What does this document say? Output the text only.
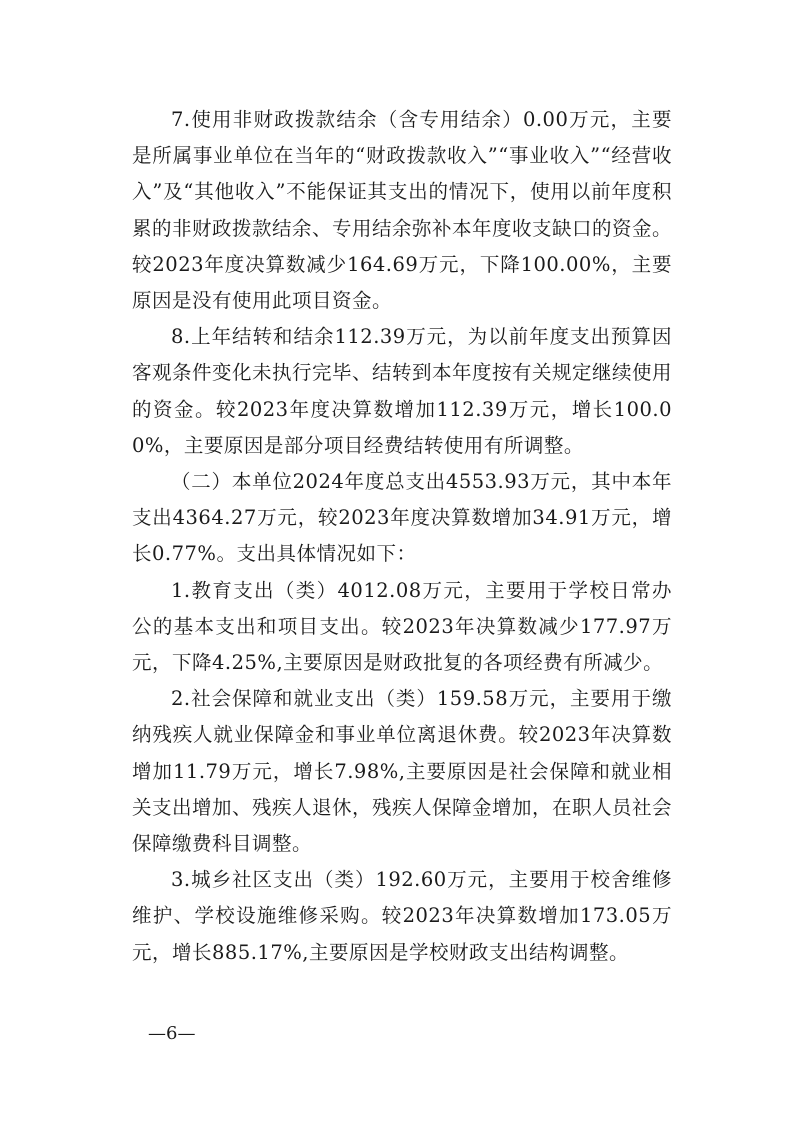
7.使用非财政拨款结余（含专用结余）0.00万元，主要是所属事业单位在当年的“财政拨款收入”“事业收入”“经营收入”及“其他收入”不能保证其支出的情况下，使用以前年度积累的非财政拨款结余、专用结余弥补本年度收支缺口的资金。较2023年度决算数减少164.69万元，下降100.00%，主要原因是没有使用此项目资金。

8.上年结转和结余112.39万元，为以前年度支出预算因客观条件变化未执行完毕、结转到本年度按有关规定继续使用的资金。较2023年度决算数增加112.39万元，增长100.00%，主要原因是部分项目经费结转使用有所调整。

（二）本单位2024年度总支出4553.93万元，其中本年支出4364.27万元，较2023年度决算数增加34.91万元，增长0.77%。支出具体情况如下：

1.教育支出（类）4012.08万元，主要用于学校日常办公的基本支出和项目支出。较2023年决算数减少177.97万元，下降4.25%,主要原因是财政批复的各项经费有所减少。

2.社会保障和就业支出（类）159.58万元，主要用于缴纳残疾人就业保障金和事业单位离退休费。较2023年决算数增加11.79万元，增长7.98%,主要原因是社会保障和就业相关支出增加、残疾人退休，残疾人保障金增加，在职人员社会保障缴费科目调整。

3.城乡社区支出（类）192.60万元，主要用于校舍维修维护、学校设施维修采购。较2023年决算数增加173.05万元，增长885.17%,主要原因是学校财政支出结构调整。

—6—
